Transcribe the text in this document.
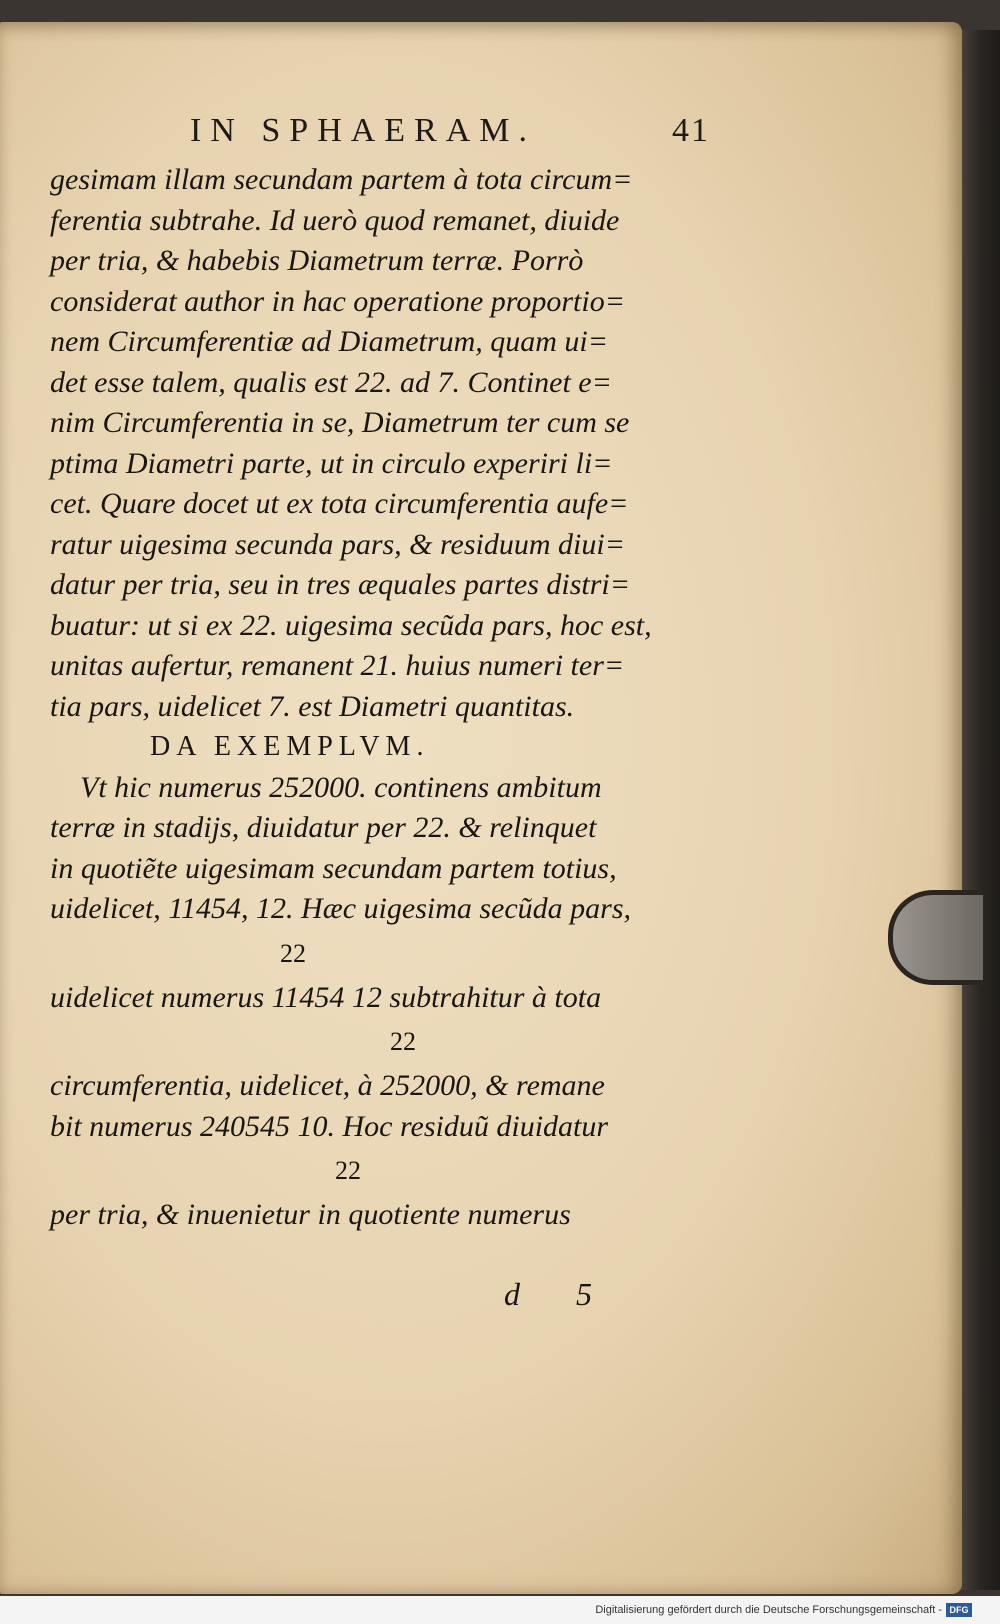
IN SPHAERAM.	41
gesimam illam secundam partem à tota circum=
ferentia subtrahe. Id uerò quod remanet, diuide
per tria, & habebis Diametrum terræ. Porrò
considerat author in hac operatione proportio=
nem Circumferentiæ ad Diametrum, quam ui=
det esse talem, qualis est 22. ad 7. Continet e=
nim Circumferentia in se, Diametrum ter cum se
ptima Diametri parte, ut in circulo experiri li=
cet. Quare docet ut ex tota circumferentia aufe=
ratur uigesima secunda pars, & residuum diui=
datur per tria, seu in tres æquales partes distri=
buatur: ut si ex 22. uigesima secũda pars, hoc est,
unitas aufertur, remanent 21. huius numeri ter=
tia pars, uidelicet 7. est Diametri quantitas.
DA EXEMPLVM.
Vt hic numerus 252000. continens ambitum
terræ in stadijs, diuidatur per 22. & relinquet
in quotiẽte uigesimam secundam partem totius,
uidelicet, 11454, 12. Hæc uigesima secũda pars,
22
uidelicet numerus 11454 12 subtrahitur à tota
22
circumferentia, uidelicet, à 252000, & remane
bit numerus 240545 10. Hoc residuũ diuidatur
22
per tria, & inuenietur in quotiente numerus
d 5
Digitalisierung gefördert durch die Deutsche Forschungsgemeinschaft - DFG
